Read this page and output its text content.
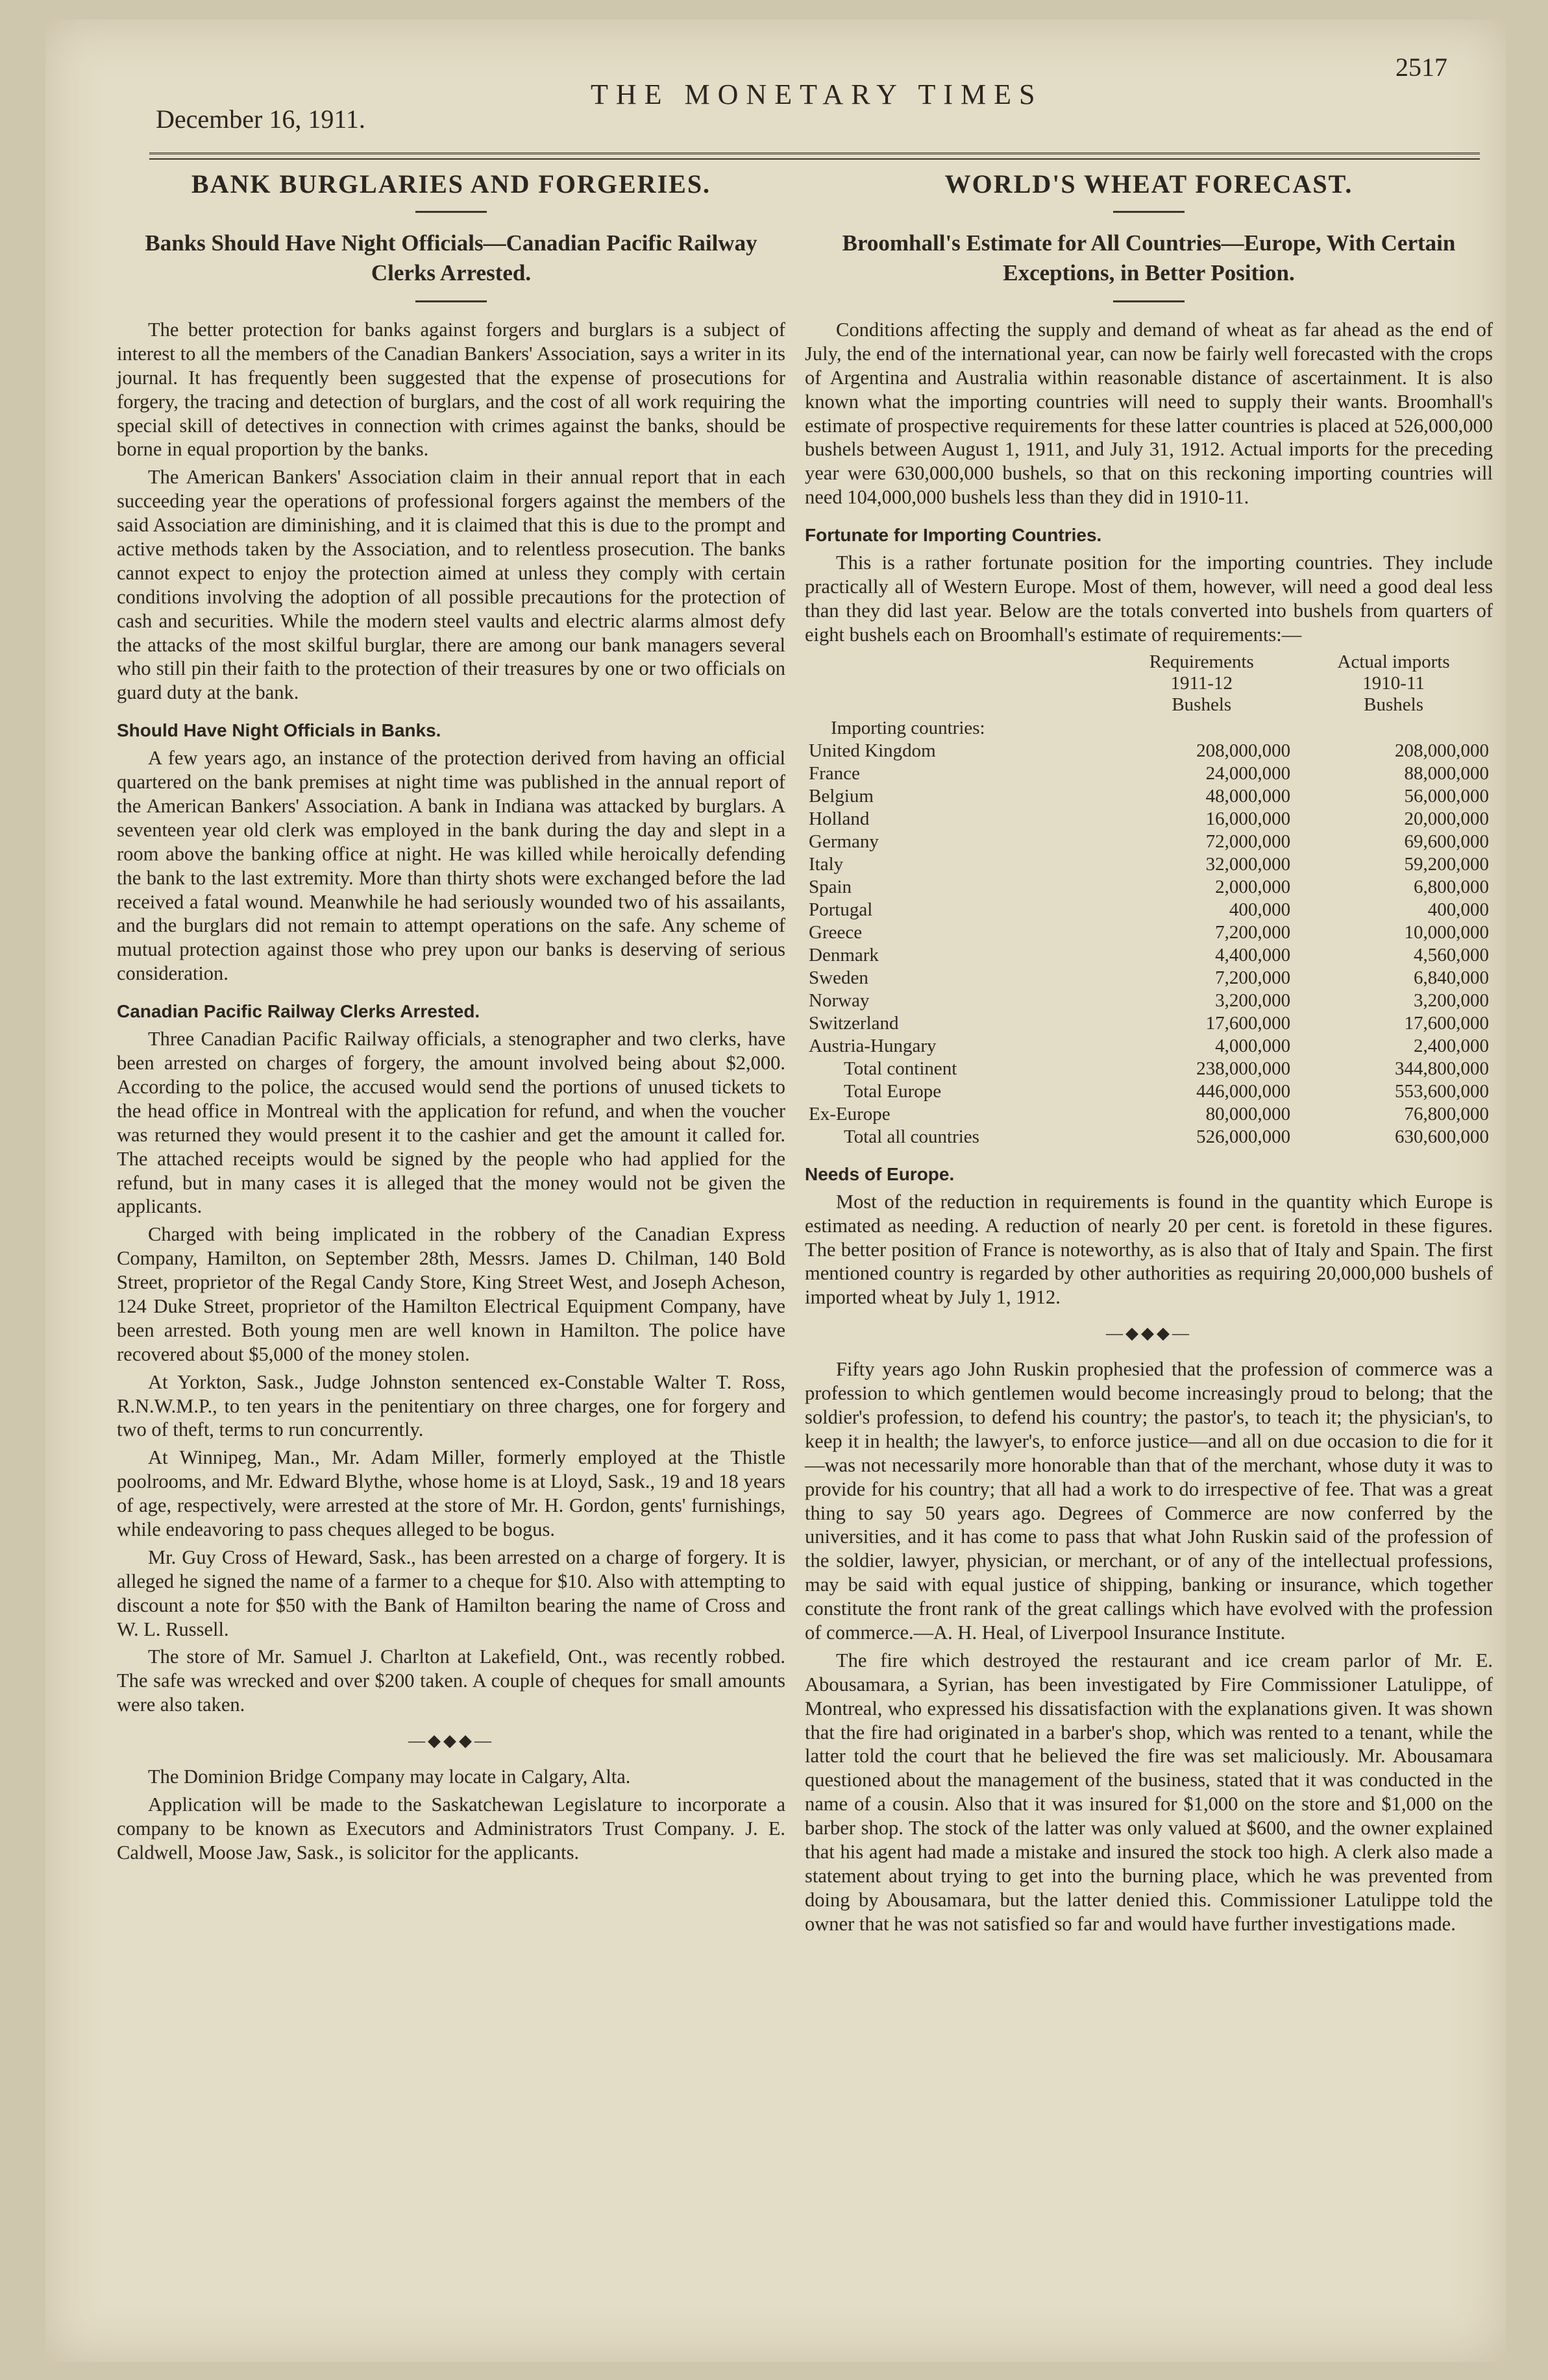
December 16, 1911.
THE MONETARY TIMES
2517
BANK BURGLARIES AND FORGERIES.
Banks Should Have Night Officials—Canadian Pacific Railway Clerks Arrested.

The better protection for banks against forgers and burglars is a subject of interest to all the members of the Canadian Bankers' Association, says a writer in its journal. It has frequently been suggested that the expense of prosecutions for forgery, the tracing and detection of burglars, and the cost of all work requiring the special skill of detectives in connection with crimes against the banks, should be borne in equal proportion by the banks.

The American Bankers' Association claim in their annual report that in each succeeding year the operations of professional forgers against the members of the said Association are diminishing, and it is claimed that this is due to the prompt and active methods taken by the Association, and to relentless prosecution. The banks cannot expect to enjoy the protection aimed at unless they comply with certain conditions involving the adoption of all possible precautions for the protection of cash and securities. While the modern steel vaults and electric alarms almost defy the attacks of the most skilful burglar, there are among our bank managers several who still pin their faith to the protection of their treasures by one or two officials on guard duty at the bank.

Should Have Night Officials in Banks.

A few years ago, an instance of the protection derived from having an official quartered on the bank premises at night time was published in the annual report of the American Bankers' Association. A bank in Indiana was attacked by burglars. A seventeen year old clerk was employed in the bank during the day and slept in a room above the banking office at night. He was killed while heroically defending the bank to the last extremity. More than thirty shots were exchanged before the lad received a fatal wound. Meanwhile he had seriously wounded two of his assailants, and the burglars did not remain to attempt operations on the safe. Any scheme of mutual protection against those who prey upon our banks is deserving of serious consideration.

Canadian Pacific Railway Clerks Arrested.

Three Canadian Pacific Railway officials, a stenographer and two clerks, have been arrested on charges of forgery, the amount involved being about $2,000. According to the police, the accused would send the portions of unused tickets to the head office in Montreal with the application for refund, and when the voucher was returned they would present it to the cashier and get the amount it called for. The attached receipts would be signed by the people who had applied for the refund, but in many cases it is alleged that the money would not be given the applicants.

Charged with being implicated in the robbery of the Canadian Express Company, Hamilton, on September 28th, Messrs. James D. Chilman, 140 Bold Street, proprietor of the Regal Candy Store, King Street West, and Joseph Acheson, 124 Duke Street, proprietor of the Hamilton Electrical Equipment Company, have been arrested. Both young men are well known in Hamilton. The police have recovered about $5,000 of the money stolen.

At Yorkton, Sask., Judge Johnston sentenced ex-Constable Walter T. Ross, R.N.W.M.P., to ten years in the penitentiary on three charges, one for forgery and two of theft, terms to run concurrently.

At Winnipeg, Man., Mr. Adam Miller, formerly employed at the Thistle poolrooms, and Mr. Edward Blythe, whose home is at Lloyd, Sask., 19 and 18 years of age, respectively, were arrested at the store of Mr. H. Gordon, gents' furnishings, while endeavoring to pass cheques alleged to be bogus.

Mr. Guy Cross of Heward, Sask., has been arrested on a charge of forgery. It is alleged he signed the name of a farmer to a cheque for $10. Also with attempting to discount a note for $50 with the Bank of Hamilton bearing the name of Cross and W. L. Russell.

The store of Mr. Samuel J. Charlton at Lakefield, Ont., was recently robbed. The safe was wrecked and over $200 taken. A couple of cheques for small amounts were also taken.

—◆◆◆—

The Dominion Bridge Company may locate in Calgary, Alta.

Application will be made to the Saskatchewan Legislature to incorporate a company to be known as Executors and Administrators Trust Company. J. E. Caldwell, Moose Jaw, Sask., is solicitor for the applicants.

WORLD'S WHEAT FORECAST.
Broomhall's Estimate for All Countries—Europe, With Certain Exceptions, in Better Position.

Conditions affecting the supply and demand of wheat as far ahead as the end of July, the end of the international year, can now be fairly well forecasted with the crops of Argentina and Australia within reasonable distance of ascertainment. It is also known what the importing countries will need to supply their wants. Broomhall's estimate of prospective requirements for these latter countries is placed at 526,000,000 bushels between August 1, 1911, and July 31, 1912. Actual imports for the preceding year were 630,000,000 bushels, so that on this reckoning importing countries will need 104,000,000 bushels less than they did in 1910-11.

Fortunate for Importing Countries.

This is a rather fortunate position for the importing countries. They include practically all of Western Europe. Most of them, however, will need a good deal less than they did last year. Below are the totals converted into bushels from quarters of eight bushels each on Broomhall's estimate of requirements:—

	Requirements
1911-12
Bushels	Actual imports
1910-11
Bushels
Importing countries:		
United Kingdom	208,000,000	208,000,000
France	24,000,000	88,000,000
Belgium	48,000,000	56,000,000
Holland	16,000,000	20,000,000
Germany	72,000,000	69,600,000
Italy	32,000,000	59,200,000
Spain	2,000,000	6,800,000
Portugal	400,000	400,000
Greece	7,200,000	10,000,000
Denmark	4,400,000	4,560,000
Sweden	7,200,000	6,840,000
Norway	3,200,000	3,200,000
Switzerland	17,600,000	17,600,000
Austria-Hungary	4,000,000	2,400,000
Total continent	238,000,000	344,800,000
Total Europe	446,000,000	553,600,000
Ex-Europe	80,000,000	76,800,000
Total all countries	526,000,000	630,600,000
Needs of Europe.

Most of the reduction in requirements is found in the quantity which Europe is estimated as needing. A reduction of nearly 20 per cent. is foretold in these figures. The better position of France is noteworthy, as is also that of Italy and Spain. The first mentioned country is regarded by other authorities as requiring 20,000,000 bushels of imported wheat by July 1, 1912.

—◆◆◆—

Fifty years ago John Ruskin prophesied that the profession of commerce was a profession to which gentlemen would become increasingly proud to belong; that the soldier's profession, to defend his country; the pastor's, to teach it; the physician's, to keep it in health; the lawyer's, to enforce justice—and all on due occasion to die for it—was not necessarily more honorable than that of the merchant, whose duty it was to provide for his country; that all had a work to do irrespective of fee. That was a great thing to say 50 years ago. Degrees of Commerce are now conferred by the universities, and it has come to pass that what John Ruskin said of the profession of the soldier, lawyer, physician, or merchant, or of any of the intellectual professions, may be said with equal justice of shipping, banking or insurance, which together constitute the front rank of the great callings which have evolved with the profession of commerce.—A. H. Heal, of Liverpool Insurance Institute.

The fire which destroyed the restaurant and ice cream parlor of Mr. E. Abousamara, a Syrian, has been investigated by Fire Commissioner Latulippe, of Montreal, who expressed his dissatisfaction with the explanations given. It was shown that the fire had originated in a barber's shop, which was rented to a tenant, while the latter told the court that he believed the fire was set maliciously. Mr. Abousamara questioned about the management of the business, stated that it was conducted in the name of a cousin. Also that it was insured for $1,000 on the store and $1,000 on the barber shop. The stock of the latter was only valued at $600, and the owner explained that his agent had made a mistake and insured the stock too high. A clerk also made a statement about trying to get into the burning place, which he was prevented from doing by Abousamara, but the latter denied this. Commissioner Latulippe told the owner that he was not satisfied so far and would have further investigations made.
